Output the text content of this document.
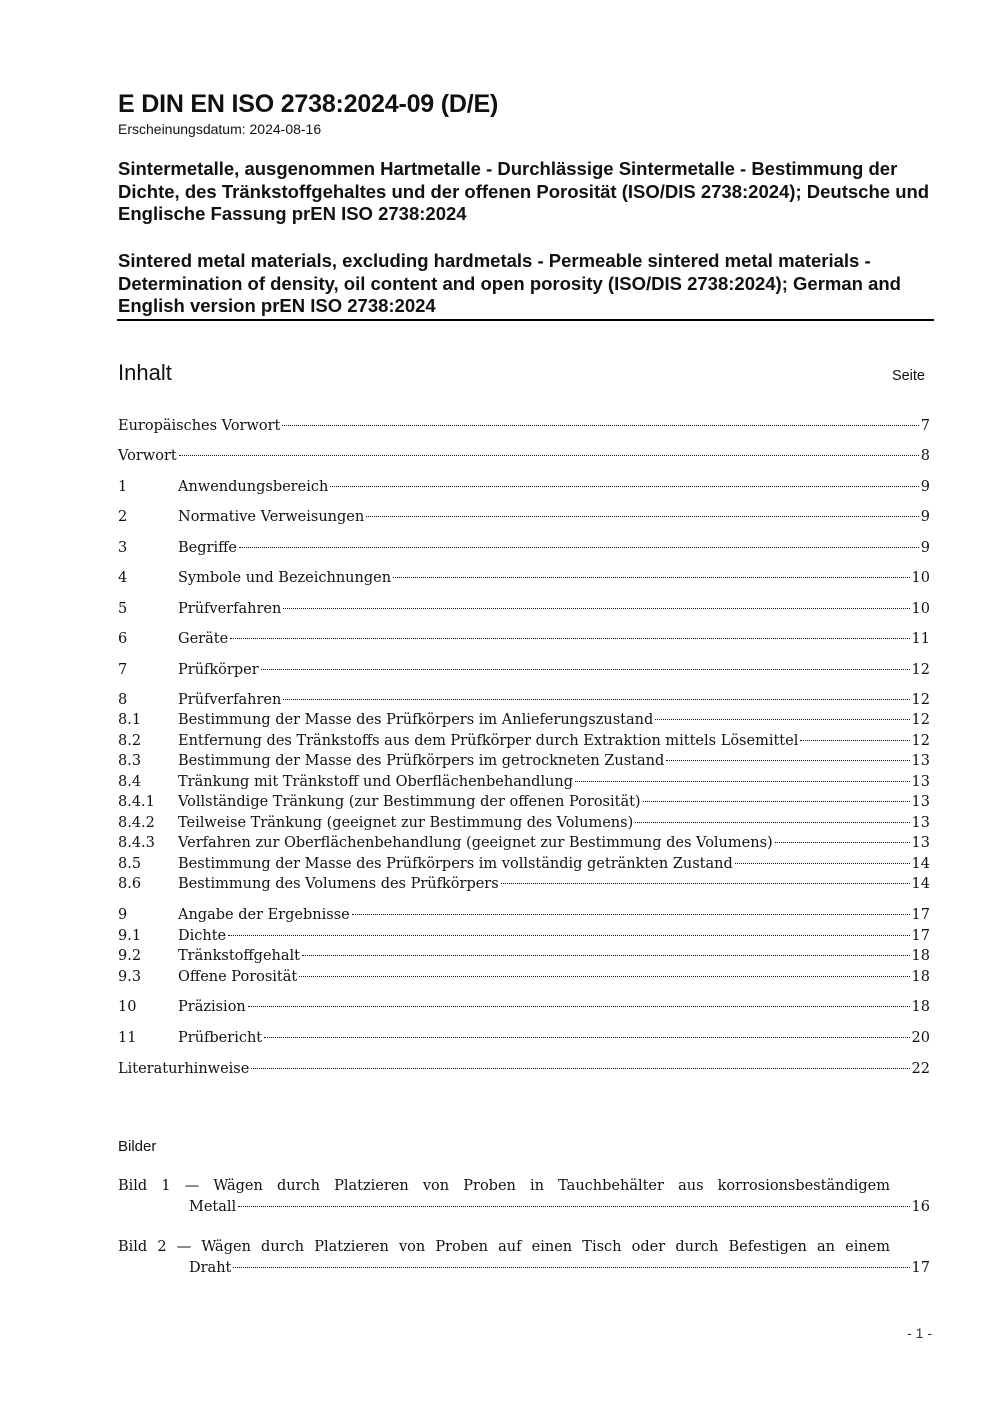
E DIN EN ISO 2738:2024-09 (D/E)
Erscheinungsdatum: 2024-08-16
Sintermetalle, ausgenommen Hartmetalle - Durchlässige Sintermetalle - Bestimmung der Dichte, des Tränkstoffgehaltes und der offenen Porosität (ISO/DIS 2738:2024); Deutsche und Englische Fassung prEN ISO 2738:2024
Sintered metal materials, excluding hardmetals - Permeable sintered metal materials - Determination of density, oil content and open porosity (ISO/DIS 2738:2024); German and English version prEN ISO 2738:2024
Inhalt	Seite
Europäisches Vorwort	7
Vorwort	8
1	Anwendungsbereich	9
2	Normative Verweisungen	9
3	Begriffe	9
4	Symbole und Bezeichnungen	10
5	Prüfverfahren	10
6	Geräte	11
7	Prüfkörper	12
8	Prüfverfahren	12
8.1	Bestimmung der Masse des Prüfkörpers im Anlieferungszustand	12
8.2	Entfernung des Tränkstoffs aus dem Prüfkörper durch Extraktion mittels Lösemittel	12
8.3	Bestimmung der Masse des Prüfkörpers im getrockneten Zustand	13
8.4	Tränkung mit Tränkstoff und Oberflächenbehandlung	13
8.4.1	Vollständige Tränkung (zur Bestimmung der offenen Porosität)	13
8.4.2	Teilweise Tränkung (geeignet zur Bestimmung des Volumens)	13
8.4.3	Verfahren zur Oberflächenbehandlung (geeignet zur Bestimmung des Volumens)	13
8.5	Bestimmung der Masse des Prüfkörpers im vollständig getränkten Zustand	14
8.6	Bestimmung des Volumens des Prüfkörpers	14
9	Angabe der Ergebnisse	17
9.1	Dichte	17
9.2	Tränkstoffgehalt	18
9.3	Offene Porosität	18
10	Präzision	18
11	Prüfbericht	20
Literaturhinweise	22
Bilder
Bild 1 — Wägen durch Platzieren von Proben in Tauchbehälter aus korrosionsbeständigem
Metall	16
Bild 2 — Wägen durch Platzieren von Proben auf einen Tisch oder durch Befestigen an einem
Draht	17
- 1 -
